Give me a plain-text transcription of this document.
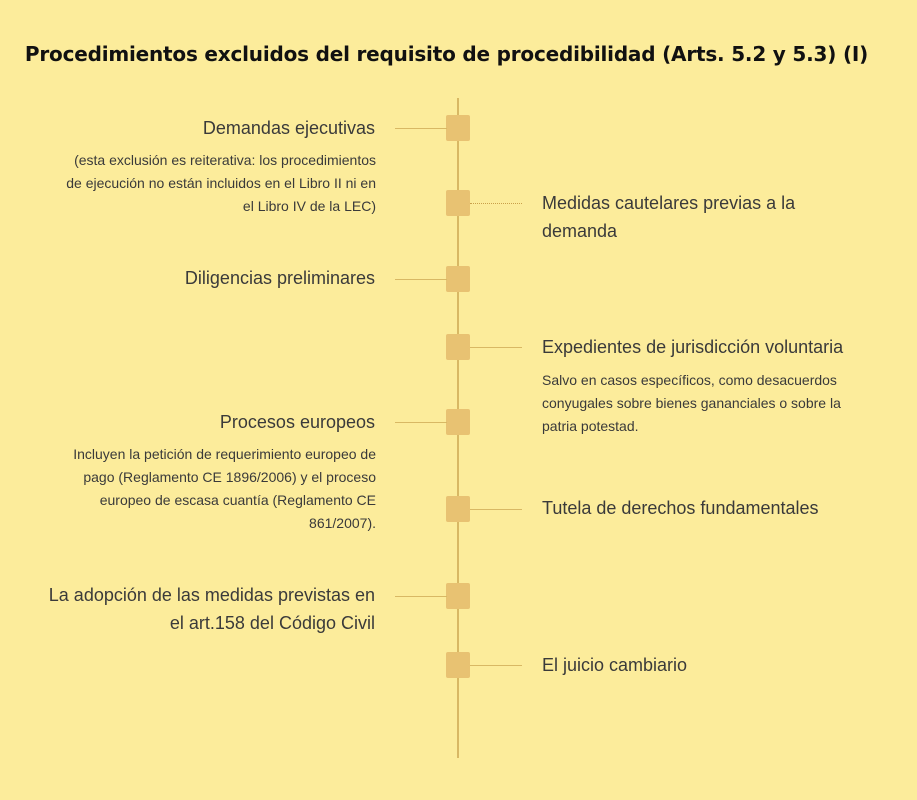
Procedimientos excluidos del requisito de procedibilidad (Arts. 5.2 y 5.3) (I)
Demandas ejecutivas
(esta exclusión es reiterativa: los procedimientos
de ejecución no están incluidos en el Libro II ni en
el Libro IV de la LEC)	Medidas cautelares previas a la
demanda
Diligencias preliminares
Expedientes de jurisdicción voluntaria
Salvo en casos específicos, como desacuerdos
conyugales sobre bienes gananciales o sobre la
patria potestad.
Procesos europeos
Incluyen la petición de requerimiento europeo de
pago (Reglamento CE 1896/2006) y el proceso
europeo de escasa cuantía (Reglamento CE
861/2007).
Tutela de derechos fundamentales
La adopción de las medidas previstas en
el art.158 del Código Civil
El juicio cambiario
